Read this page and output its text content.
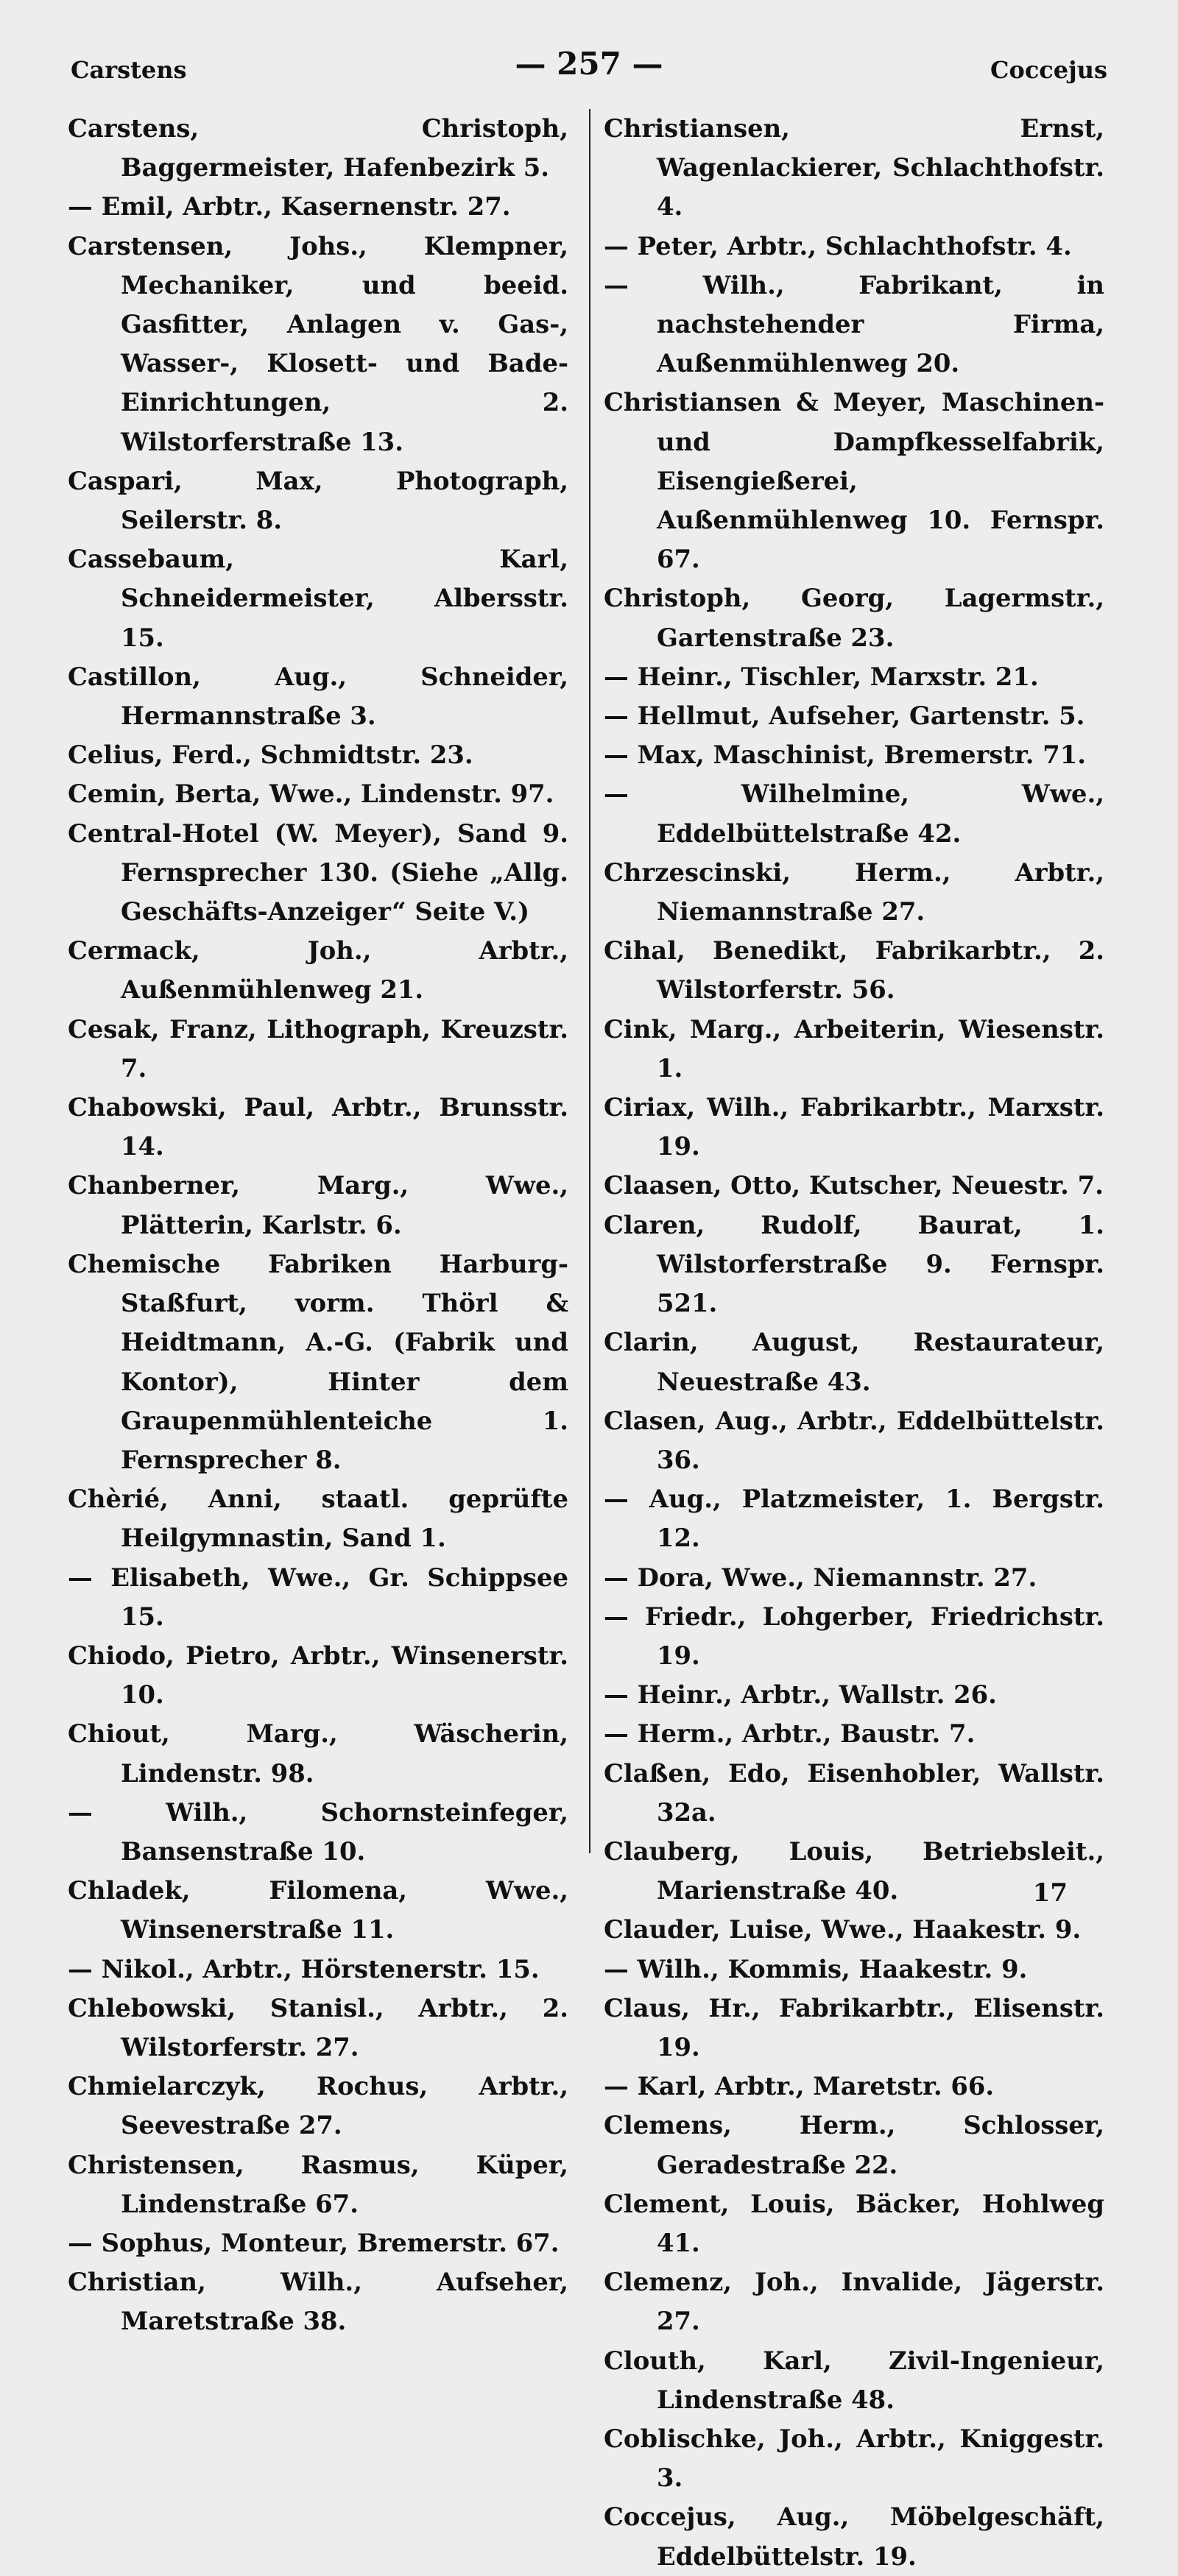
Carstens	— 257 —	Coccejus
Carstens, Christoph, Baggermeister, Hafenbezirk 5.
— Emil, Arbtr., Kasernenstr. 27.
Carstensen, Johs., Klempner, Mechaniker, und beeid. Gasfitter, Anlagen v. Gas-, Wasser-, Klosett- und Bade-Einrichtungen, 2. Wilstorferstraße 13.
Caspari, Max, Photograph, Seilerstr. 8.
Cassebaum, Karl, Schneidermeister, Albersstr. 15.
Castillon, Aug., Schneider, Hermannstraße 3.
Celius, Ferd., Schmidtstr. 23.
Cemin, Berta, Wwe., Lindenstr. 97.
Central-Hotel (W. Meyer), Sand 9. Fernsprecher 130. (Siehe „Allg. Geschäfts-Anzeiger“ Seite V.)
Cermack, Joh., Arbtr., Außenmühlenweg 21.
Cesak, Franz, Lithograph, Kreuzstr. 7.
Chabowski, Paul, Arbtr., Brunsstr. 14.
Chanberner, Marg., Wwe., Plätterin, Karlstr. 6.
Chemische Fabriken Harburg-Staßfurt, vorm. Thörl & Heidtmann, A.-G. (Fabrik und Kontor), Hinter dem Graupenmühlenteiche 1. Fernsprecher 8.
Chèrié, Anni, staatl. geprüfte Heilgymnastin, Sand 1.
— Elisabeth, Wwe., Gr. Schippsee 15.
Chiodo, Pietro, Arbtr., Winsenerstr. 10.
Chiout, Marg., Wäscherin, Lindenstr. 98.
— Wilh., Schornsteinfeger, Bansenstraße 10.
Chladek, Filomena, Wwe., Winsenerstraße 11.
— Nikol., Arbtr., Hörstenerstr. 15.
Chlebowski, Stanisl., Arbtr., 2. Wilstorferstr. 27.
Chmielarczyk, Rochus, Arbtr., Seevestraße 27.
Christensen, Rasmus, Küper, Lindenstraße 67.
— Sophus, Monteur, Bremerstr. 67.
Christian, Wilh., Aufseher, Maretstraße 38.
Christiansen, Ernst, Wagenlackierer, Schlachthofstr. 4.
— Peter, Arbtr., Schlachthofstr. 4.
— Wilh., Fabrikant, in nachstehender Firma, Außenmühlenweg 20.
Christiansen & Meyer, Maschinen- und Dampfkesselfabrik, Eisengießerei, Außenmühlenweg 10. Fernspr. 67.
Christoph, Georg, Lagermstr., Gartenstraße 23.
— Heinr., Tischler, Marxstr. 21.
— Hellmut, Aufseher, Gartenstr. 5.
— Max, Maschinist, Bremerstr. 71.
— Wilhelmine, Wwe., Eddelbüttelstraße 42.
Chrzescinski, Herm., Arbtr., Niemannstraße 27.
Cihal, Benedikt, Fabrikarbtr., 2. Wilstorferstr. 56.
Cink, Marg., Arbeiterin, Wiesenstr. 1.
Ciriax, Wilh., Fabrikarbtr., Marxstr. 19.
Claasen, Otto, Kutscher, Neuestr. 7.
Claren, Rudolf, Baurat, 1. Wilstorferstraße 9. Fernspr. 521.
Clarin, August, Restaurateur, Neuestraße 43.
Clasen, Aug., Arbtr., Eddelbüttelstr. 36.
— Aug., Platzmeister, 1. Bergstr. 12.
— Dora, Wwe., Niemannstr. 27.
— Friedr., Lohgerber, Friedrichstr. 19.
— Heinr., Arbtr., Wallstr. 26.
— Herm., Arbtr., Baustr. 7.
Claßen, Edo, Eisenhobler, Wallstr. 32a.
Clauberg, Louis, Betriebsleit., Marienstraße 40.
Clauder, Luise, Wwe., Haakestr. 9.
— Wilh., Kommis, Haakestr. 9.
Claus, Hr., Fabrikarbtr., Elisenstr. 19.
— Karl, Arbtr., Maretstr. 66.
Clemens, Herm., Schlosser, Geradestraße 22.
Clement, Louis, Bäcker, Hohlweg 41.
Clemenz, Joh., Invalide, Jägerstr. 27.
Clouth, Karl, Zivil-Ingenieur, Lindenstraße 48.
Coblischke, Joh., Arbtr., Kniggestr. 3.
Coccejus, Aug., Möbelgeschäft, Eddelbüttelstr. 19.
17
